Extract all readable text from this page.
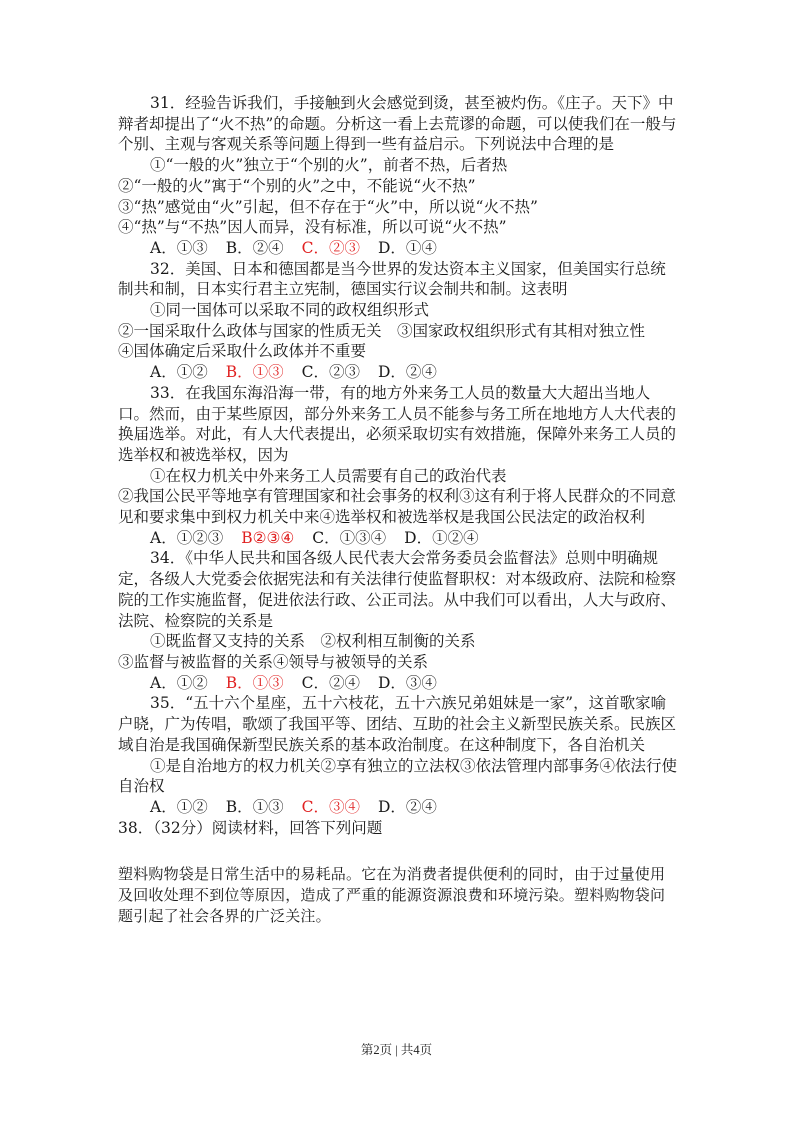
31．经验告诉我们，手接触到火会感觉到烫，甚至被灼伤。《庄子。天下》中辩者却提出了“火不热”的命题。分析这一看上去荒谬的命题，可以使我们在一般与个别、主观与客观关系等问题上得到一些有益启示。下列说法中合理的是

①“一般的火”独立于“个别的火”，前者不热，后者热

②“一般的火”寓于“个别的火”之中，不能说“火不热”

③“热”感觉由“火”引起，但不存在于“火”中，所以说“火不热”

④“热”与“不热”因人而异，没有标准，所以可说“火不热”

A．①③ B．②④ C．②③ D．①④

32．美国、日本和德国都是当今世界的发达资本主义国家，但美国实行总统制共和制，日本实行君主立宪制，德国实行议会制共和制。这表明

①同一国体可以采取不同的政权组织形式

②一国采取什么政体与国家的性质无关　③国家政权组织形式有其相对独立性

④国体确定后采取什么政体并不重要

A．①② B．①③ C．②③ D．②④

33．在我国东海沿海一带，有的地方外来务工人员的数量大大超出当地人口。然而，由于某些原因，部分外来务工人员不能参与务工所在地地方人大代表的换届选举。对此，有人大代表提出，必须采取切实有效措施，保障外来务工人员的选举权和被选举权，因为

①在权力机关中外来务工人员需要有自己的政治代表

②我国公民平等地享有管理国家和社会事务的权利③这有利于将人民群众的不同意见和要求集中到权力机关中来④选举权和被选举权是我国公民法定的政治权利

A．①②③ B②③④ C．①③④ D．①②④

34．《中华人民共和国各级人民代表大会常务委员会监督法》总则中明确规定，各级人大党委会依据宪法和有关法律行使监督职权：对本级政府、法院和检察院的工作实施监督，促进依法行政、公正司法。从中我们可以看出，人大与政府、法院、检察院的关系是

①既监督又支持的关系　②权利相互制衡的关系

③监督与被监督的关系④领导与被领导的关系

A．①② B．①③ C．②④ D．③④

35．“五十六个星座，五十六枝花，五十六族兄弟姐妹是一家”，这首歌家喻户晓，广为传唱，歌颂了我国平等、团结、互助的社会主义新型民族关系。民族区域自治是我国确保新型民族关系的基本政治制度。在这种制度下，各自治机关

①是自治地方的权力机关②享有独立的立法权③依法管理内部事务④依法行使自治权

A．①② B．①③ C．③④ D．②④

38．（32分）阅读材料，回答下列问题

塑料购物袋是日常生活中的易耗品。它在为消费者提供便利的同时，由于过量使用及回收处理不到位等原因，造成了严重的能源资源浪费和环境污染。塑料购物袋问题引起了社会各界的广泛关注。

第2页 | 共4页
